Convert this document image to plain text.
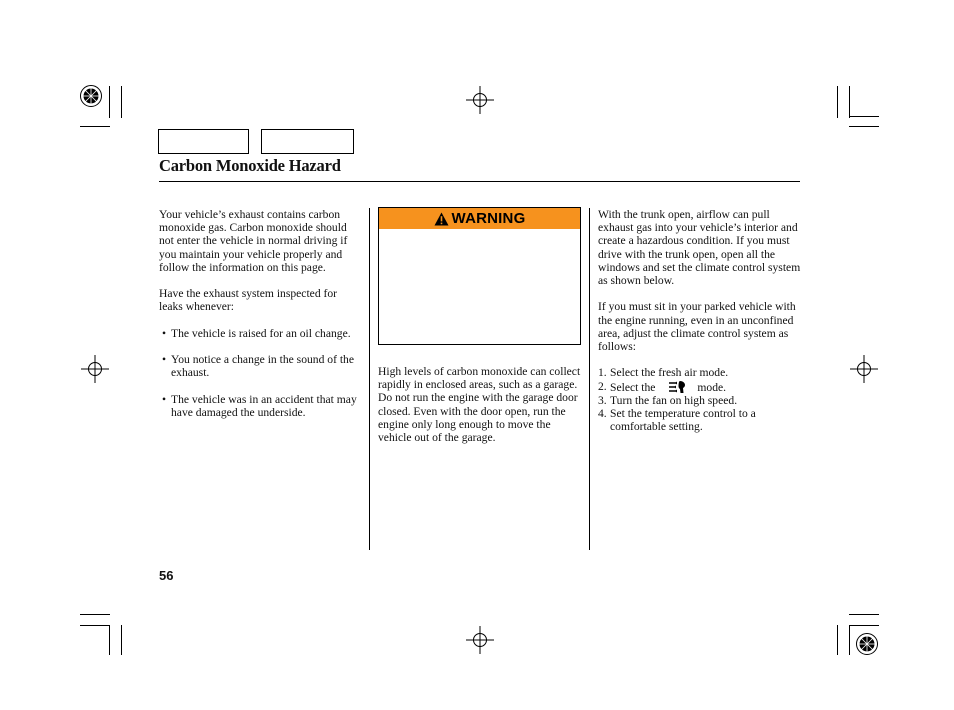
Carbon Monoxide Hazard

Your vehicle’s exhaust contains carbon monoxide gas. Carbon monoxide should not enter the vehicle in normal driving if you maintain your vehicle properly and follow the information on this page.

Have the exhaust system inspected for leaks whenever:

• The vehicle is raised for an oil change.
• You notice a change in the sound of the exhaust.
• The vehicle was in an accident that may have damaged the underside.
WARNING

High levels of carbon monoxide can collect rapidly in enclosed areas, such as a garage. Do not run the engine with the garage door closed. Even with the door open, run the engine only long enough to move the vehicle out of the garage.

With the trunk open, airflow can pull exhaust gas into your vehicle’s interior and create a hazardous condition. If you must drive with the trunk open, open all the windows and set the climate control system as shown below.

If you must sit in your parked vehicle with the engine running, even in an unconfined area, adjust the climate control system as follows:

1. Select the fresh air mode.
2. Select the	mode.
3. Turn the fan on high speed.
4. Set the temperature control to a comfortable setting.
56
